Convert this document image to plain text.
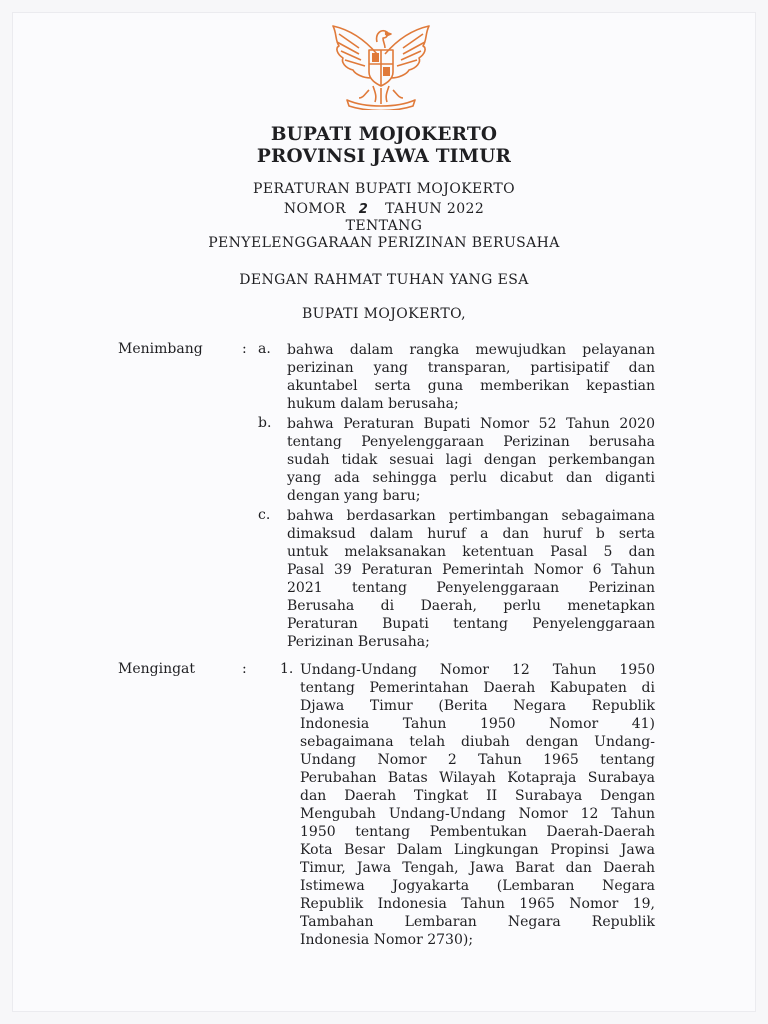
BUPATI MOJOKERTO
PROVINSI JAWA TIMUR
PERATURAN BUPATI MOJOKERTO
NOMOR 2 TAHUN 2022
TENTANG
PENYELENGGARAAN PERIZINAN BERUSAHA
DENGAN RAHMAT TUHAN YANG ESA
BUPATI MOJOKERTO,
Menimbang	: a. bahwa dalam rangka mewujudkan pelayanan
perizinan yang transparan, partisipatif dan
akuntabel serta guna memberikan kepastian
hukum dalam berusaha;
b. bahwa Peraturan Bupati Nomor 52 Tahun 2020
tentang Penyelenggaraan Perizinan berusaha
sudah tidak sesuai lagi dengan perkembangan
yang ada sehingga perlu dicabut dan diganti
dengan yang baru;
c. bahwa berdasarkan pertimbangan sebagaimana
dimaksud dalam huruf a dan huruf b serta
untuk melaksanakan ketentuan Pasal 5 dan
Pasal 39 Peraturan Pemerintah Nomor 6 Tahun
2021 tentang Penyelenggaraan Perizinan
Berusaha di Daerah, perlu menetapkan
Peraturan Bupati tentang Penyelenggaraan
Perizinan Berusaha;
Mengingat	: 1. Undang-Undang Nomor 12 Tahun 1950
tentang Pemerintahan Daerah Kabupaten di
Djawa Timur (Berita Negara Republik
Indonesia Tahun 1950 Nomor 41)
sebagaimana telah diubah dengan Undang-
Undang Nomor 2 Tahun 1965 tentang
Perubahan Batas Wilayah Kotapraja Surabaya
dan Daerah Tingkat II Surabaya Dengan
Mengubah Undang-Undang Nomor 12 Tahun
1950 tentang Pembentukan Daerah-Daerah
Kota Besar Dalam Lingkungan Propinsi Jawa
Timur, Jawa Tengah, Jawa Barat dan Daerah
Istimewa Jogyakarta (Lembaran Negara
Republik Indonesia Tahun 1965 Nomor 19,
Tambahan Lembaran Negara Republik
Indonesia Nomor 2730);
